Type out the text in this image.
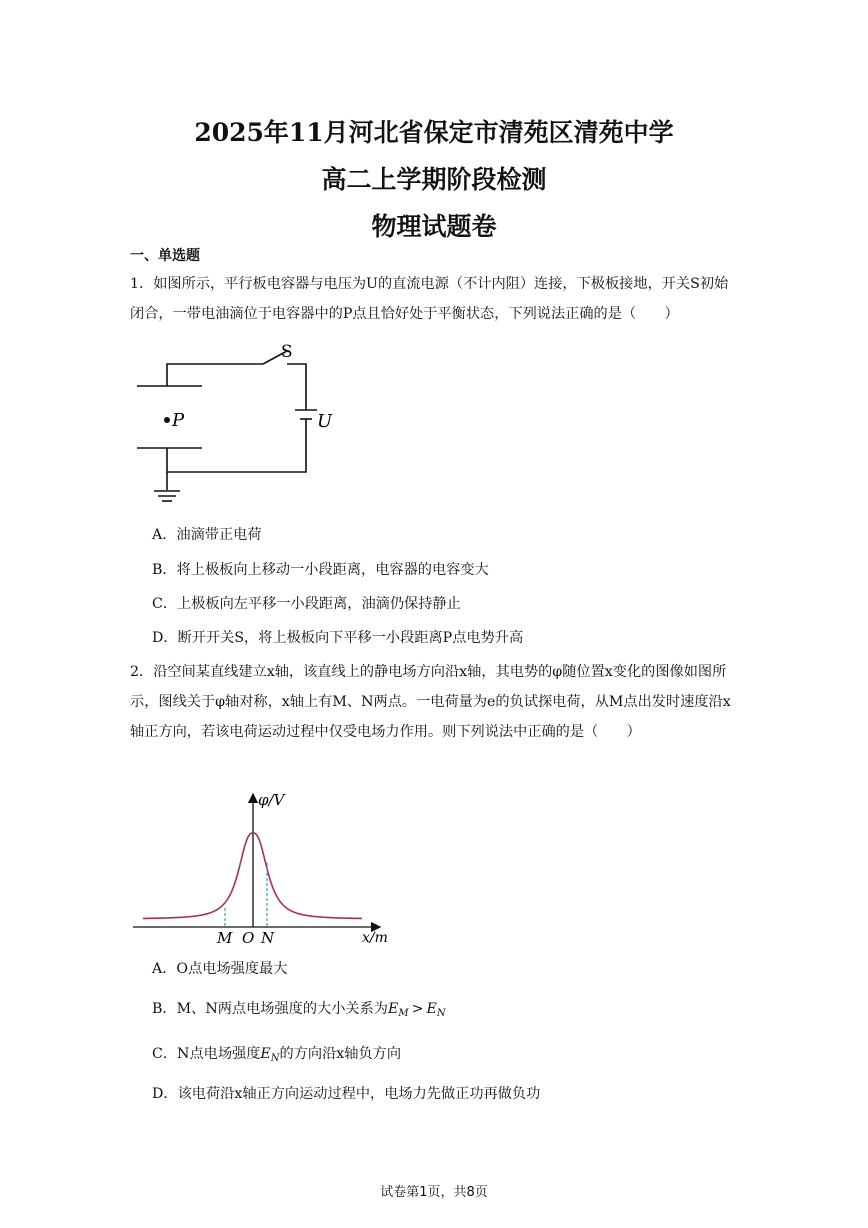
2025年11月河北省保定市清苑区清苑中学
高二上学期阶段检测
物理试题卷
一、单选题
1．如图所示，平行板电容器与电压为U的直流电源（不计内阻）连接，下极板接地，开关S初始闭合，一带电油滴位于电容器中的P点且恰好处于平衡状态，下列说法正确的是（　　）
S
P	U
A．油滴带正电荷
B．将上极板向上移动一小段距离，电容器的电容变大
C．上极板向左平移一小段距离，油滴仍保持静止
D．断开开关S，将上极板向下平移一小段距离P点电势升高
2．沿空间某直线建立x轴，该直线上的静电场方向沿x轴，其电势的φ随位置x变化的图像如图所示，图线关于φ轴对称，x轴上有M、N两点。一电荷量为e的负试探电荷，从M点出发时速度沿x轴正方向，若该电荷运动过程中仅受电场力作用。则下列说法中正确的是（　　）
φ/V
x/m
M O N
A．O点电场强度最大
B．M、N两点电场强度的大小关系为$E_M > E_N$
C．N点电场强度$E_N$的方向沿x轴负方向
D．该电荷沿x轴正方向运动过程中，电场力先做正功再做负功
试卷第1页，共8页
